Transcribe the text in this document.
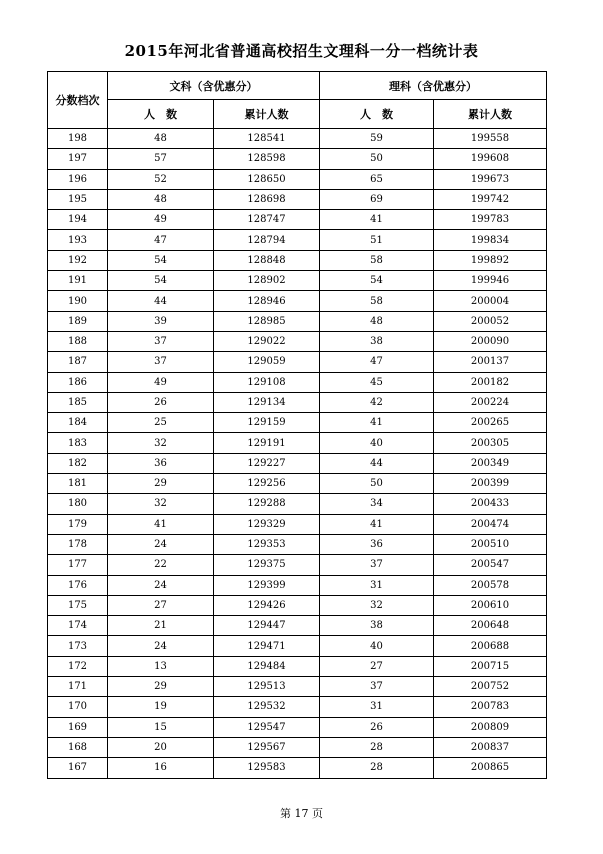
2015年河北省普通高校招生文理科一分一档统计表
分数档次	文科（含优惠分）		理科（含优惠分）	
	人　数	累计人数	人　数	累计人数
198	48	128541	59	199558
197	57	128598	50	199608
196	52	128650	65	199673
195	48	128698	69	199742
194	49	128747	41	199783
193	47	128794	51	199834
192	54	128848	58	199892
191	54	128902	54	199946
190	44	128946	58	200004
189	39	128985	48	200052
188	37	129022	38	200090
187	37	129059	47	200137
186	49	129108	45	200182
185	26	129134	42	200224
184	25	129159	41	200265
183	32	129191	40	200305
182	36	129227	44	200349
181	29	129256	50	200399
180	32	129288	34	200433
179	41	129329	41	200474
178	24	129353	36	200510
177	22	129375	37	200547
176	24	129399	31	200578
175	27	129426	32	200610
174	21	129447	38	200648
173	24	129471	40	200688
172	13	129484	27	200715
171	29	129513	37	200752
170	19	129532	31	200783
169	15	129547	26	200809
168	20	129567	28	200837
167	16	129583	28	200865
第 17 页
